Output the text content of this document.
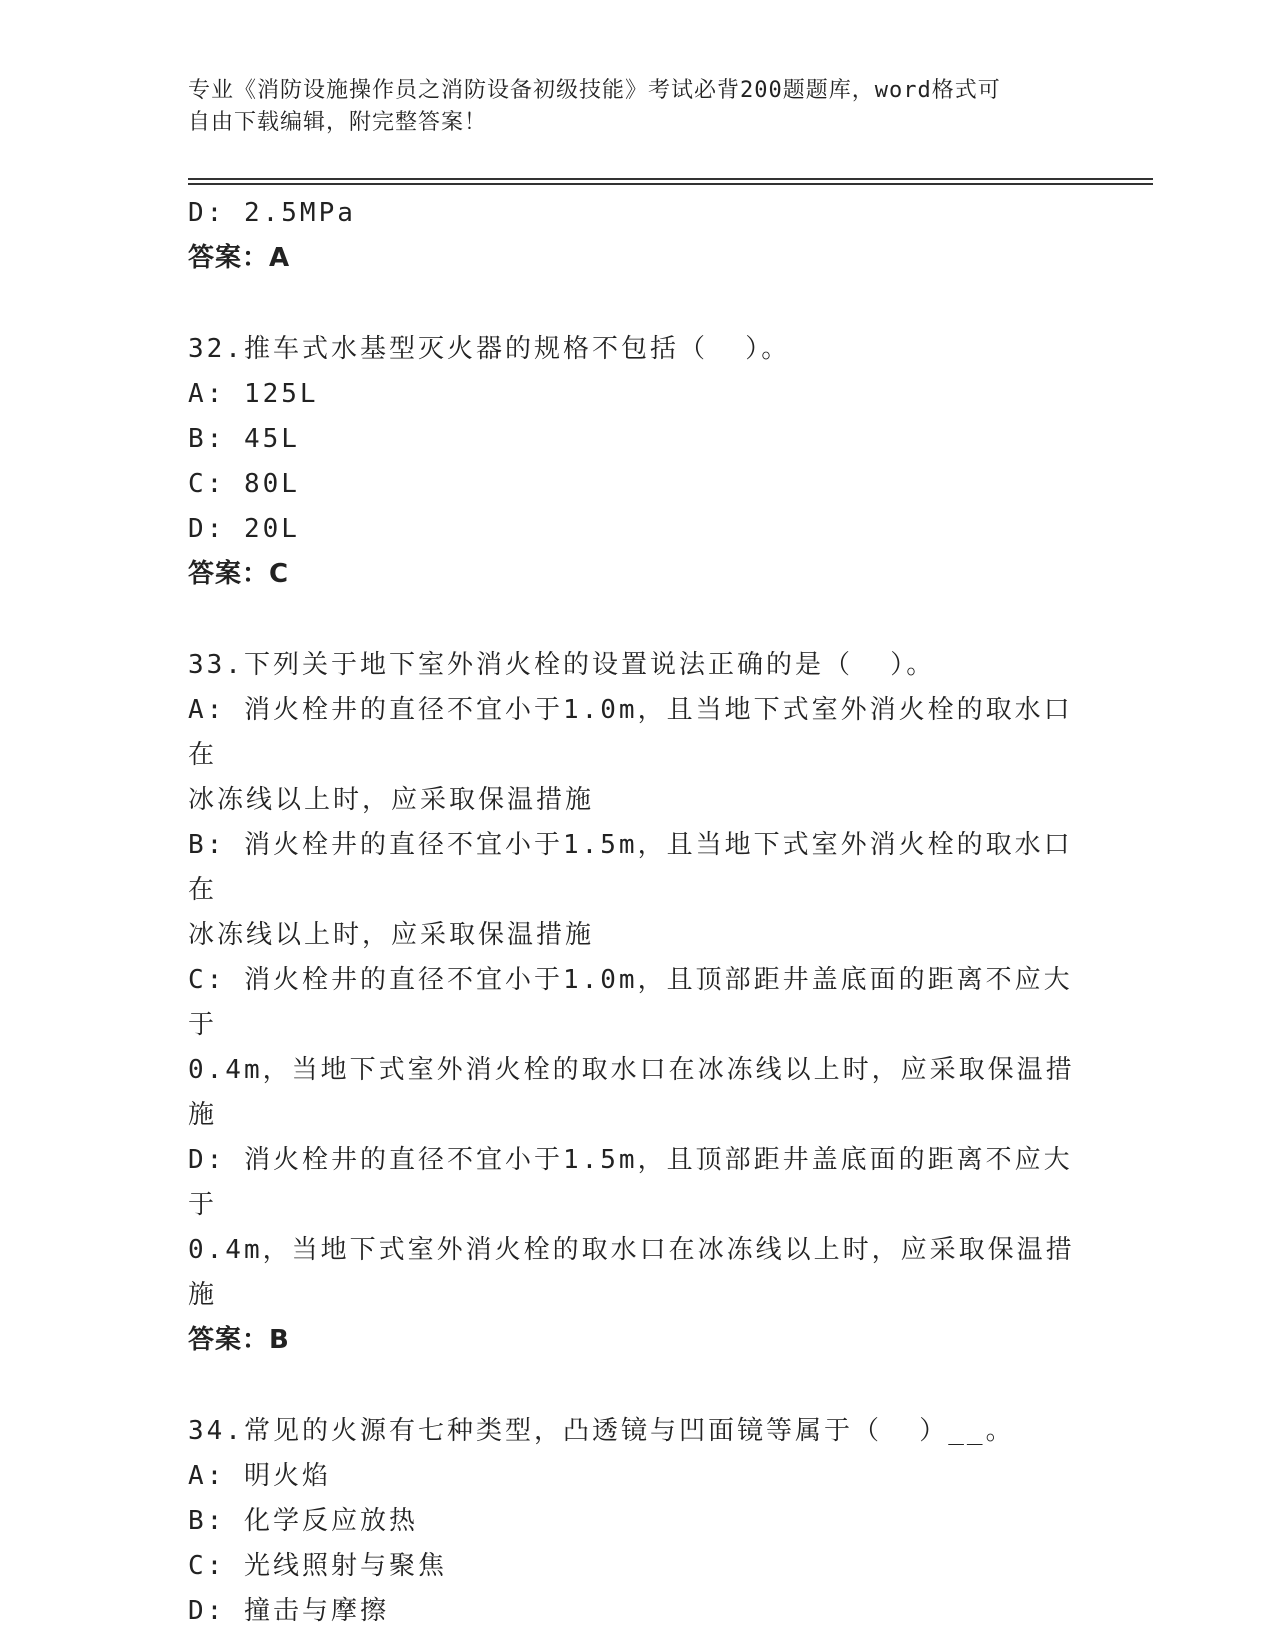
专业《消防设施操作员之消防设备初级技能》考试必背200题题库，word格式可
自由下载编辑，附完整答案！
D: 2.5MPa
答案：A
32.推车式水基型灭火器的规格不包括（  ）。
A: 125L
B: 45L
C: 80L
D: 20L
答案：C
33.下列关于地下室外消火栓的设置说法正确的是（  ）。
A: 消火栓井的直径不宜小于1.0m，且当地下式室外消火栓的取水口在
冰冻线以上时，应采取保温措施
B: 消火栓井的直径不宜小于1.5m，且当地下式室外消火栓的取水口在
冰冻线以上时，应采取保温措施
C: 消火栓井的直径不宜小于1.0m，且顶部距井盖底面的距离不应大于
0.4m，当地下式室外消火栓的取水口在冰冻线以上时，应采取保温措
施
D: 消火栓井的直径不宜小于1.5m，且顶部距井盖底面的距离不应大于
0.4m，当地下式室外消火栓的取水口在冰冻线以上时，应采取保温措
施
答案：B
34.常见的火源有七种类型，凸透镜与凹面镜等属于（  ）__。
A: 明火焰
B: 化学反应放热
C: 光线照射与聚焦
D: 撞击与摩擦
